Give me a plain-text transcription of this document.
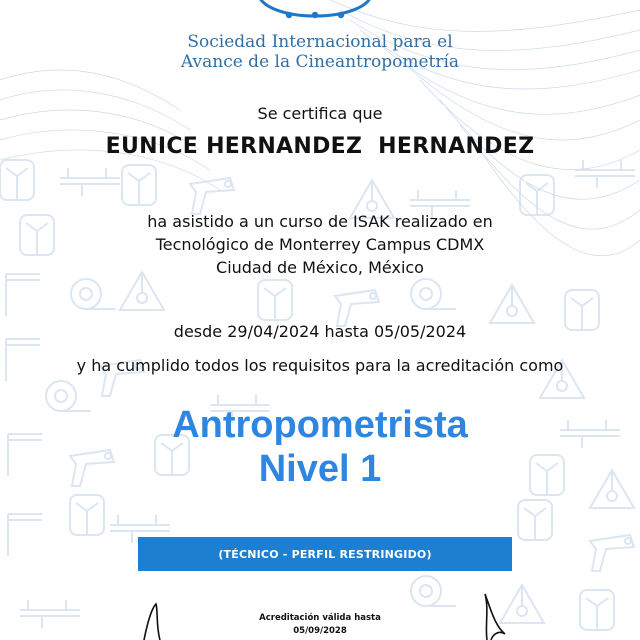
Sociedad Internacional para el
Avance de la Cineantropometría
Se certifica que
EUNICE HERNANDEZ  HERNANDEZ
ha asistido a un curso de ISAK realizado en
Tecnológico de Monterrey Campus CDMX
Ciudad de México, México
desde 29/04/2024 hasta 05/05/2024
y ha cumplido todos los requisitos para la acreditación como
Antropometrista
Nivel 1
(TÉCNICO - PERFIL RESTRINGIDO)
Acreditación válida hasta
05/09/2028
